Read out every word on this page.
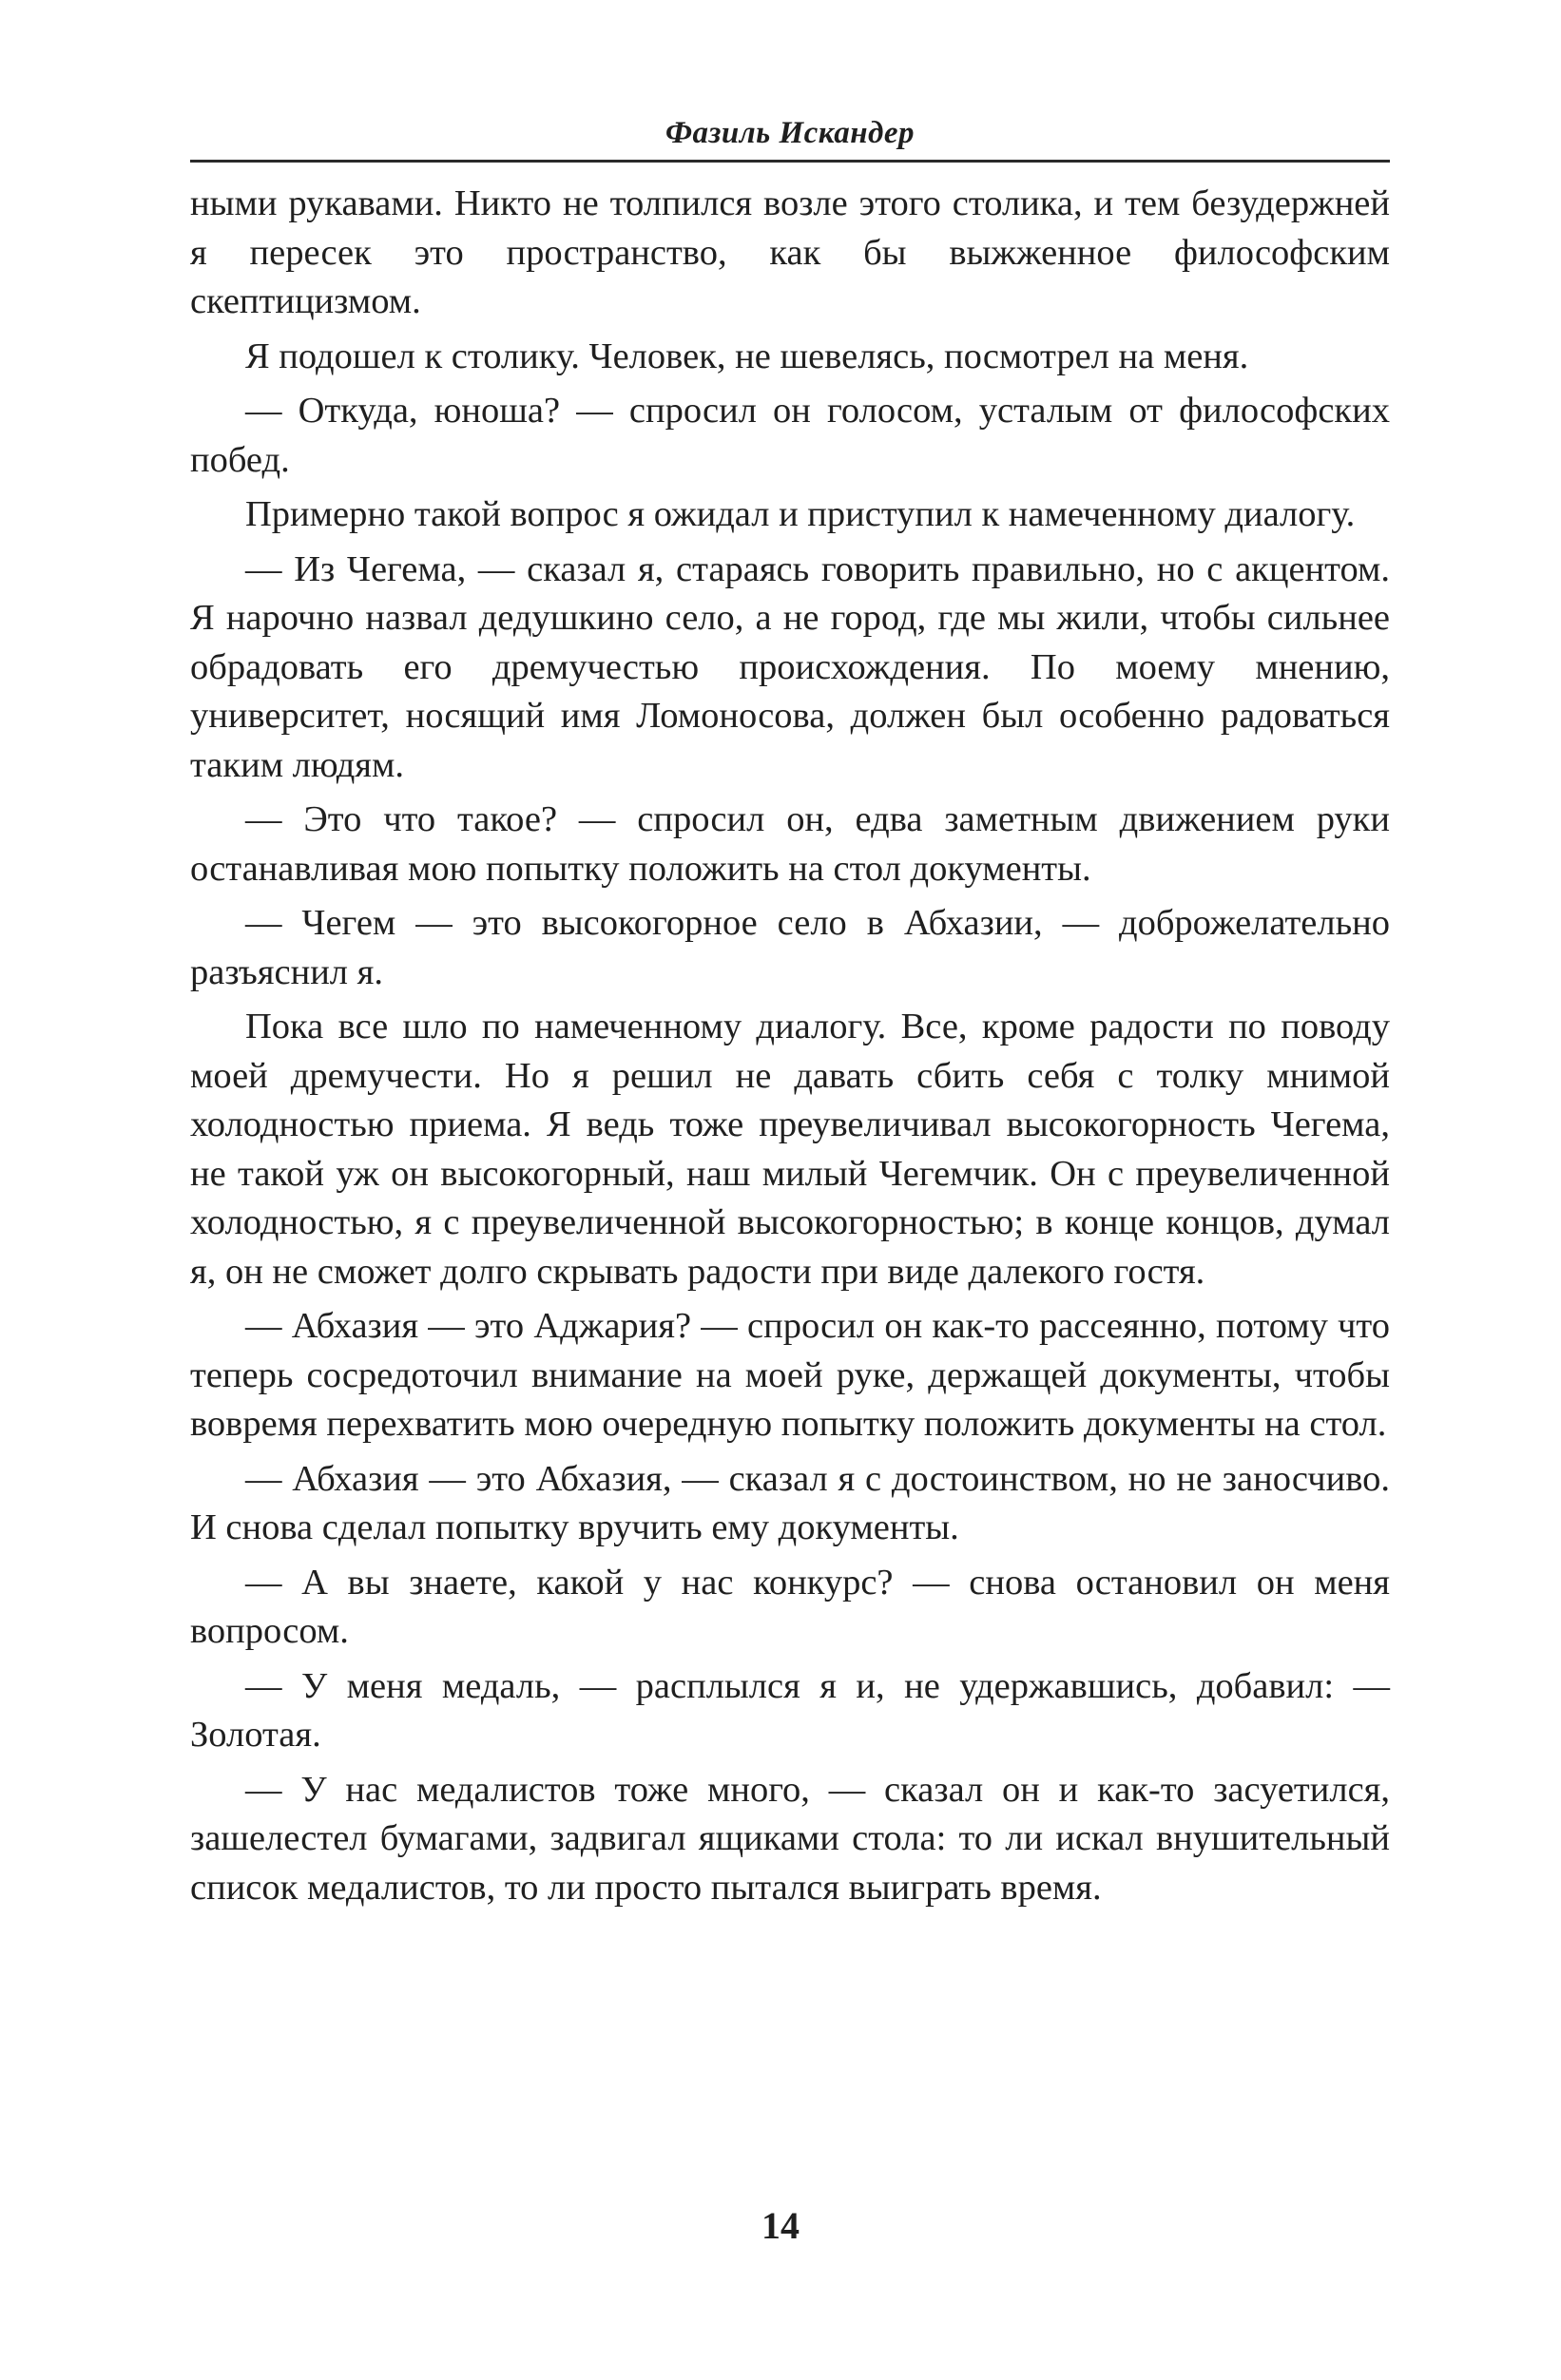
Фазиль Искандер

ными рукавами. Никто не толпился возле этого столика, и тем безудержней я пересек это пространство, как бы выжженное философским скептицизмом.

Я подошел к столику. Человек, не шевелясь, посмотрел на меня.

— Откуда, юноша? — спросил он голосом, усталым от философских побед.

Примерно такой вопрос я ожидал и приступил к намеченному диалогу.

— Из Чегема, — сказал я, стараясь говорить правильно, но с акцентом. Я нарочно назвал дедушкино село, а не город, где мы жили, чтобы сильнее обрадовать его дремучестью происхождения. По моему мнению, университет, носящий имя Ломоносова, должен был особенно радоваться таким людям.

— Это что такое? — спросил он, едва заметным движением руки останавливая мою попытку положить на стол документы.

— Чегем — это высокогорное село в Абхазии, — доброжелательно разъяснил я.

Пока все шло по намеченному диалогу. Все, кроме радости по поводу моей дремучести. Но я решил не давать сбить себя с толку мнимой холодностью приема. Я ведь тоже преувеличивал высокогорность Чегема, не такой уж он высокогорный, наш милый Чегемчик. Он с преувеличенной холодностью, я с преувеличенной высокогорностью; в конце концов, думал я, он не сможет долго скрывать радости при виде далекого гостя.

— Абхазия — это Аджария? — спросил он как-то рассеянно, потому что теперь сосредоточил внимание на моей руке, держащей документы, чтобы вовремя перехватить мою очередную попытку положить документы на стол.

— Абхазия — это Абхазия, — сказал я с достоинством, но не заносчиво. И снова сделал попытку вручить ему документы.

— А вы знаете, какой у нас конкурс? — снова остановил он меня вопросом.

— У меня медаль, — расплылся я и, не удержавшись, добавил: — Золотая.

— У нас медалистов тоже много, — сказал он и как-то засуетился, зашелестел бумагами, задвигал ящиками стола: то ли искал внушительный список медалистов, то ли просто пытался выиграть время.

14
